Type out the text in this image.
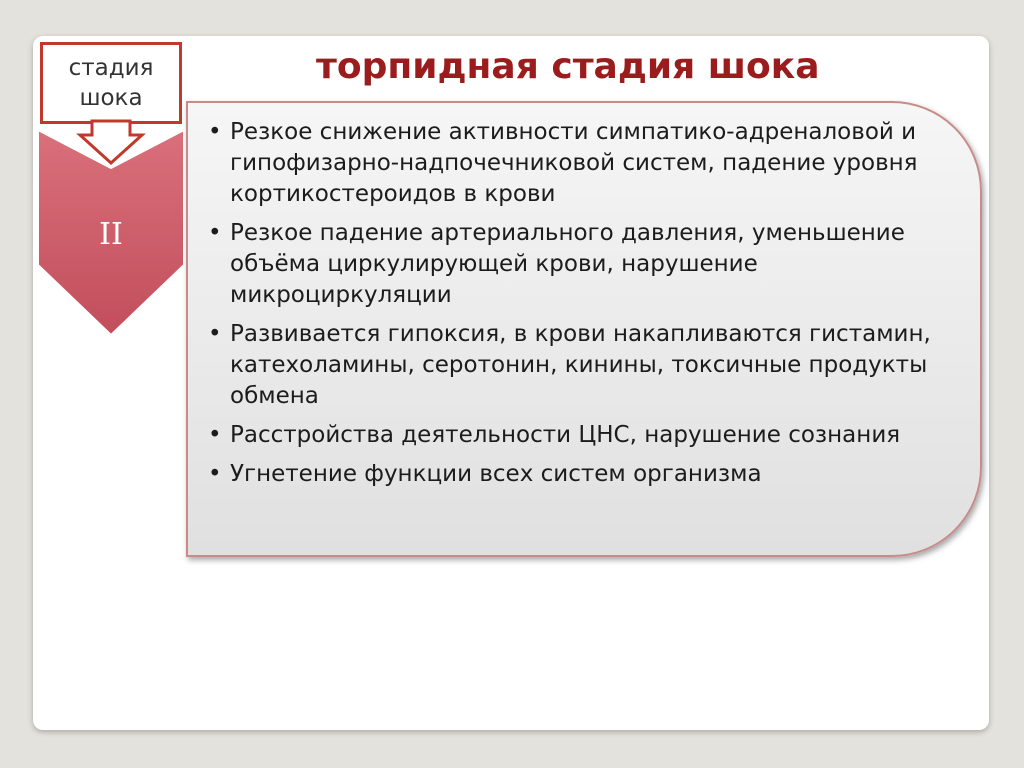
торпидная стадия шока
стадия шока
II
• Резкое снижение активности симпатико-адреналовой и гипофизарно-надпочечниковой систем, падение уровня кортикостероидов в крови
• Резкое падение артериального давления, уменьшение объёма циркулирующей крови, нарушение микроциркуляции
• Развивается гипоксия, в крови накапливаются гистамин, катехоламины, серотонин, кинины, токсичные продукты обмена
• Расстройства деятельности ЦНС, нарушение сознания
• Угнетение функции всех систем организма
